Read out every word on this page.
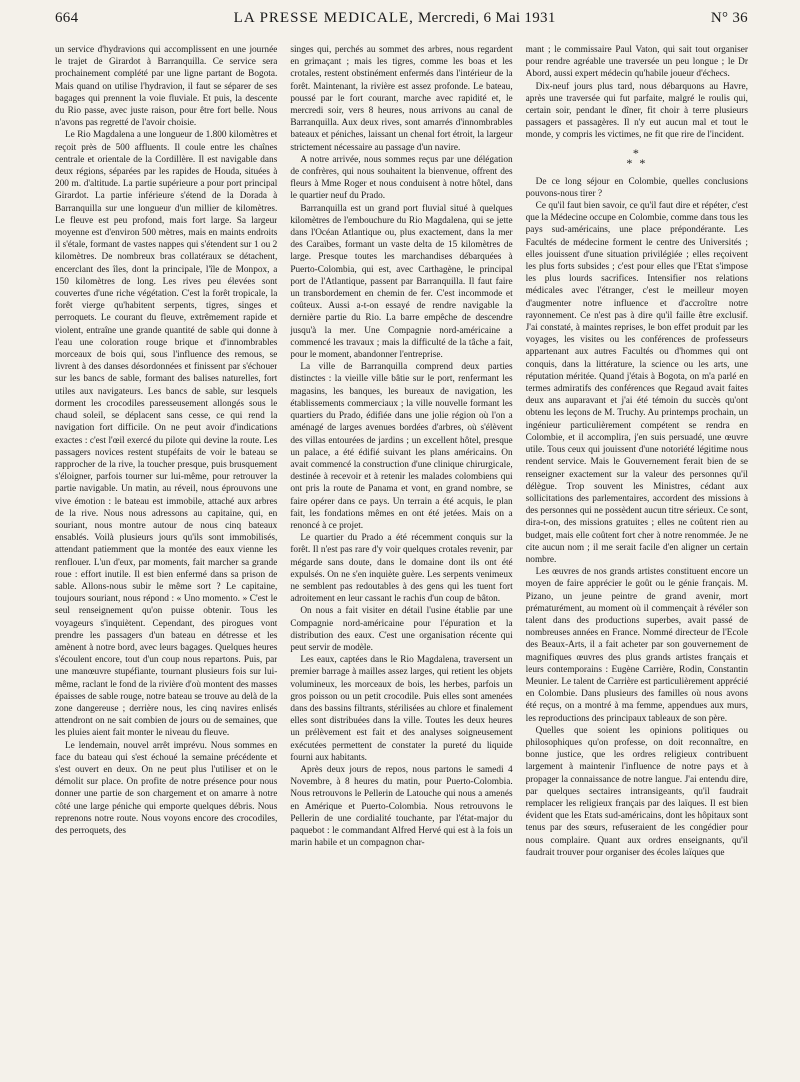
664	LA PRESSE MEDICALE, Mercredi, 6 Mai 1931	N° 36

un service d'hydravions qui accomplissent en une journée le trajet de Girardot à Barranquilla. Ce service sera prochainement complété par une ligne partant de Bogota. Mais quand on utilise l'hydravion, il faut se séparer de ses bagages qui prennent la voie fluviale. Et puis, la descente du Rio passe, avec juste raison, pour être fort belle. Nous n'avons pas regretté de l'avoir choisie.

Le Rio Magdalena a une longueur de 1.800 kilomètres et reçoit près de 500 affluents. Il coule entre les chaînes centrale et orientale de la Cordillère. Il est navigable dans deux régions, séparées par les rapides de Houda, situées à 200 m. d'altitude. La partie supérieure a pour port principal Girardot. La partie inférieure s'étend de la Dorada à Barranquilla sur une longueur d'un millier de kilomètres. Le fleuve est peu profond, mais fort large. Sa largeur moyenne est d'environ 500 mètres, mais en maints endroits il s'étale, formant de vastes nappes qui s'étendent sur 1 ou 2 kilomètres. De nombreux bras collatéraux se détachent, encerclant des îles, dont la principale, l'île de Monpox, a 150 kilomètres de long. Les rives peu élevées sont couvertes d'une riche végétation. C'est la forêt tropicale, la forêt vierge qu'habitent serpents, tigres, singes et perroquets. Le courant du fleuve, extrêmement rapide et violent, entraîne une grande quantité de sable qui donne à l'eau une coloration rouge brique et d'innombrables morceaux de bois qui, sous l'influence des remous, se livrent à des danses désordonnées et finissent par s'échouer sur les bancs de sable, formant des balises naturelles, fort utiles aux navigateurs. Les bancs de sable, sur lesquels dorment les crocodiles paresseusement allongés sous le chaud soleil, se déplacent sans cesse, ce qui rend la navigation fort difficile. On ne peut avoir d'indications exactes : c'est l'œil exercé du pilote qui devine la route. Les passagers novices restent stupéfaits de voir le bateau se rapprocher de la rive, la toucher presque, puis brusquement s'éloigner, parfois tourner sur lui-même, pour retrouver la partie navigable. Un matin, au réveil, nous éprouvons une vive émotion : le bateau est immobile, attaché aux arbres de la rive. Nous nous adressons au capitaine, qui, en souriant, nous montre autour de nous cinq bateaux ensablés. Voilà plusieurs jours qu'ils sont immobilisés, attendant patiemment que la montée des eaux vienne les renflouer. L'un d'eux, par moments, fait marcher sa grande roue : effort inutile. Il est bien enfermé dans sa prison de sable. Allons-nous subir le même sort ? Le capitaine, toujours souriant, nous répond : « Uno momento. » C'est le seul renseignement qu'on puisse obtenir. Tous les voyageurs s'inquiètent. Cependant, des pirogues vont prendre les passagers d'un bateau en détresse et les amènent à notre bord, avec leurs bagages. Quelques heures s'écoulent encore, tout d'un coup nous repartons. Puis, par une manœuvre stupéfiante, tournant plusieurs fois sur lui-même, raclant le fond de la rivière d'où montent des masses épaisses de sable rouge, notre bateau se trouve au delà de la zone dangereuse ; derrière nous, les cinq navires enlisés attendront on ne sait combien de jours ou de semaines, que les pluies aient fait monter le niveau du fleuve.

Le lendemain, nouvel arrêt imprévu. Nous sommes en face du bateau qui s'est échoué la semaine précédente et s'est ouvert en deux. On ne peut plus l'utiliser et on le démolit sur place. On profite de notre présence pour nous donner une partie de son chargement et on amarre à notre côté une large péniche qui emporte quelques débris. Nous reprenons notre route. Nous voyons encore des crocodiles, des perroquets, des

singes qui, perchés au sommet des arbres, nous regardent en grimaçant ; mais les tigres, comme les boas et les crotales, restent obstinément enfermés dans l'intérieur de la forêt. Maintenant, la rivière est assez profonde. Le bateau, poussé par le fort courant, marche avec rapidité et, le mercredi soir, vers 8 heures, nous arrivons au canal de Barranquilla. Aux deux rives, sont amarrés d'innombrables bateaux et péniches, laissant un chenal fort étroit, la largeur strictement nécessaire au passage d'un navire.

A notre arrivée, nous sommes reçus par une délégation de confrères, qui nous souhaitent la bienvenue, offrent des fleurs à Mme Roger et nous conduisent à notre hôtel, dans le quartier neuf du Prado.

Barranquilla est un grand port fluvial situé à quelques kilomètres de l'embouchure du Rio Magdalena, qui se jette dans l'Océan Atlantique ou, plus exactement, dans la mer des Caraïbes, formant un vaste delta de 15 kilomètres de large. Presque toutes les marchandises débarquées à Puerto-Colombia, qui est, avec Carthagène, le principal port de l'Atlantique, passent par Barranquilla. Il faut faire un transbordement en chemin de fer. C'est incommode et coûteux. Aussi a-t-on essayé de rendre navigable la dernière partie du Rio. La barre empêche de descendre jusqu'à la mer. Une Compagnie nord-américaine a commencé les travaux ; mais la difficulté de la tâche a fait, pour le moment, abandonner l'entreprise.

La ville de Barranquilla comprend deux parties distinctes : la vieille ville bâtie sur le port, renfermant les magasins, les banques, les bureaux de navigation, les établissements commerciaux ; la ville nouvelle formant les quartiers du Prado, édifiée dans une jolie région où l'on a aménagé de larges avenues bordées d'arbres, où s'élèvent des villas entourées de jardins ; un excellent hôtel, presque un palace, a été édifié suivant les plans américains. On avait commencé la construction d'une clinique chirurgicale, destinée à recevoir et à retenir les malades colombiens qui ont pris la route de Panama et vont, en grand nombre, se faire opérer dans ce pays. Un terrain a été acquis, le plan fait, les fondations mêmes en ont été jetées. Mais on a renoncé à ce projet.

Le quartier du Prado a été récemment conquis sur la forêt. Il n'est pas rare d'y voir quelques crotales revenir, par mégarde sans doute, dans le domaine dont ils ont été expulsés. On ne s'en inquiète guère. Les serpents venimeux ne semblent pas redoutables à des gens qui les tuent fort adroitement en leur cassant le rachis d'un coup de bâton.

On nous a fait visiter en détail l'usine établie par une Compagnie nord-américaine pour l'épuration et la distribution des eaux. C'est une organisation récente qui peut servir de modèle.

Les eaux, captées dans le Rio Magdalena, traversent un premier barrage à mailles assez larges, qui retient les objets volumineux, les morceaux de bois, les herbes, parfois un gros poisson ou un petit crocodile. Puis elles sont amenées dans des bassins filtrants, stérilisées au chlore et finalement elles sont distribuées dans la ville. Toutes les deux heures un prélèvement est fait et des analyses soigneusement exécutées permettent de constater la pureté du liquide fourni aux habitants.

Après deux jours de repos, nous partons le samedi 4 Novembre, à 8 heures du matin, pour Puerto-Colombia. Nous retrouvons le Pellerin de Latouche qui nous a amenés en Amérique et Puerto-Colombia. Nous retrouvons le Pellerin de une cordialité touchante, par l'état-major du paquebot : le commandant Alfred Hervé qui est à la fois un marin habile et un compagnon char-

mant ; le commissaire Paul Vaton, qui sait tout organiser pour rendre agréable une traversée un peu longue ; le Dr Abord, aussi expert médecin qu'habile joueur d'échecs.

Dix-neuf jours plus tard, nous débarquons au Havre, après une traversée qui fut parfaite, malgré le roulis qui, certain soir, pendant le dîner, fit choir à terre plusieurs passagers et passagères. Il n'y eut aucun mal et tout le monde, y compris les victimes, ne fit que rire de l'incident.

*
* *

De ce long séjour en Colombie, quelles conclusions pouvons-nous tirer ?

Ce qu'il faut bien savoir, ce qu'il faut dire et répéter, c'est que la Médecine occupe en Colombie, comme dans tous les pays sud-américains, une place prépondérante. Les Facultés de médecine forment le centre des Universités ; elles jouissent d'une situation privilégiée ; elles reçoivent les plus forts subsides ; c'est pour elles que l'Etat s'impose les plus lourds sacrifices. Intensifier nos relations médicales avec l'étranger, c'est le meilleur moyen d'augmenter notre influence et d'accroître notre rayonnement. Ce n'est pas à dire qu'il faille être exclusif. J'ai constaté, à maintes reprises, le bon effet produit par les voyages, les visites ou les conférences de professeurs appartenant aux autres Facultés ou d'hommes qui ont conquis, dans la littérature, la science ou les arts, une réputation méritée. Quand j'étais à Bogota, on m'a parlé en termes admiratifs des conférences que Regaud avait faites deux ans auparavant et j'ai été témoin du succès qu'ont obtenu les leçons de M. Truchy. Au printemps prochain, un ingénieur particulièrement compétent se rendra en Colombie, et il accomplira, j'en suis persuadé, une œuvre utile. Tous ceux qui jouissent d'une notoriété légitime nous rendent service. Mais le Gouvernement ferait bien de se renseigner exactement sur la valeur des personnes qu'il délègue. Trop souvent les Ministres, cédant aux sollicitations des parlementaires, accordent des missions à des personnes qui ne possèdent aucun titre sérieux. Ce sont, dira-t-on, des missions gratuites ; elles ne coûtent rien au budget, mais elle coûtent fort cher à notre renommée. Je ne cite aucun nom ; il me serait facile d'en aligner un certain nombre.

Les œuvres de nos grands artistes constituent encore un moyen de faire apprécier le goût ou le génie français. M. Pizano, un jeune peintre de grand avenir, mort prématurément, au moment où il commençait à révéler son talent dans des productions superbes, avait passé de nombreuses années en France. Nommé directeur de l'Ecole des Beaux-Arts, il a fait acheter par son gouvernement de magnifiques œuvres des plus grands artistes français et leurs contemporains : Eugène Carrière, Rodin, Constantin Meunier. Le talent de Carrière est particulièrement apprécié en Colombie. Dans plusieurs des familles où nous avons été reçus, on a montré à ma femme, appendues aux murs, les reproductions des principaux tableaux de son père.

Quelles que soient les opinions politiques ou philosophiques qu'on professe, on doit reconnaître, en bonne justice, que les ordres religieux contribuent largement à maintenir l'influence de notre pays et à propager la connaissance de notre langue. J'ai entendu dire, par quelques sectaires intransigeants, qu'il faudrait remplacer les religieux français par des laïques. Il est bien évident que les Etats sud-américains, dont les hôpitaux sont tenus par des sœurs, refuseraient de les congédier pour nous complaire. Quant aux ordres enseignants, qu'il faudrait trouver pour organiser des écoles laïques que
